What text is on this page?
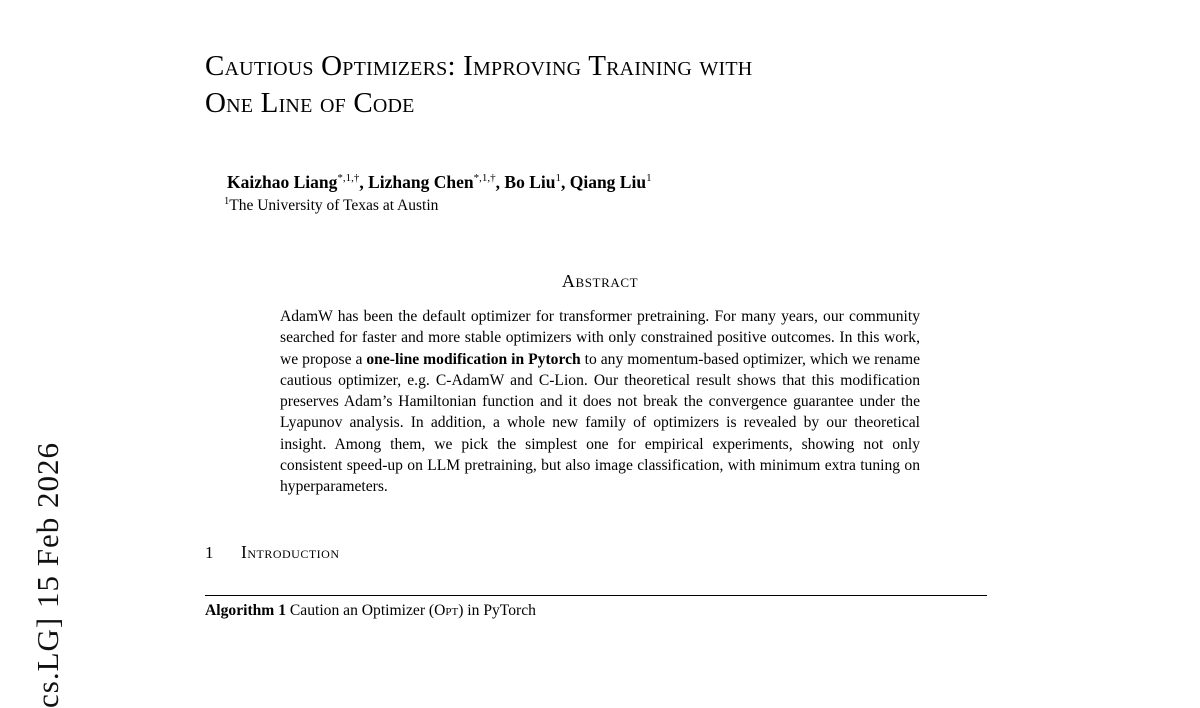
cs.LG] 15 Feb 2026
Cautious Optimizers: Improving Training with
One Line of Code
Kaizhao Liang$^{*,1,\dagger}$, Lizhang Chen$^{*,1,\dagger}$, Bo Liu$^1$, Qiang Liu$^1$
$^1$The University of Texas at Austin
Abstract
AdamW has been the default optimizer for transformer pretraining. For many years, our community searched for faster and more stable optimizers with only constrained positive outcomes. In this work, we propose a one-line modification in Pytorch to any momentum-based optimizer, which we rename cautious optimizer, e.g. C-AdamW and C-Lion. Our theoretical result shows that this modification preserves Adam’s Hamiltonian function and it does not break the convergence guarantee under the Lyapunov analysis. In addition, a whole new family of optimizers is revealed by our theoretical insight. Among them, we pick the simplest one for empirical experiments, showing not only consistent speed-up on LLM pretraining, but also image classification, with minimum extra tuning on hyperparameters.
1	Introduction
Algorithm 1 Caution an Optimizer (Opt) in PyTorch
